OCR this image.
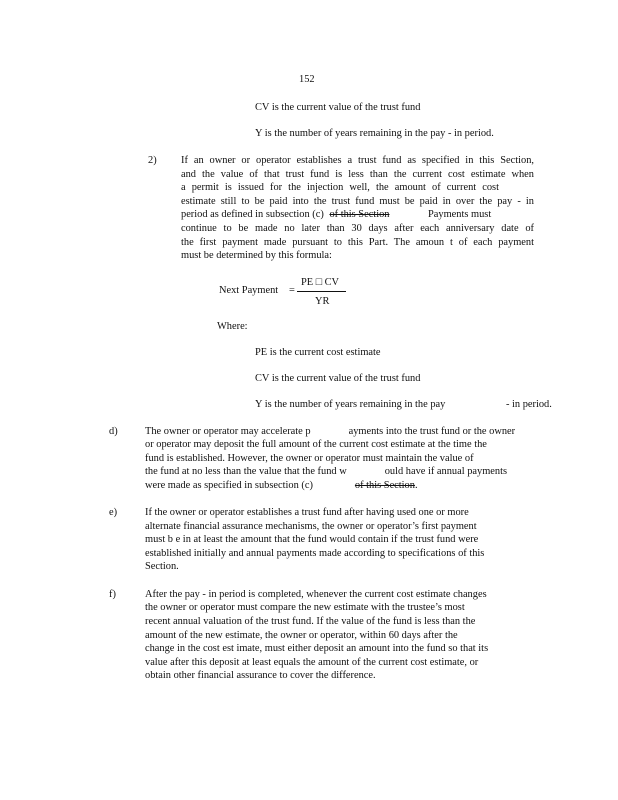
152

CV is the current value of the trust fund

Y is the number of years remaining in the pay - in period.

2) If an owner or operator establishes a trust fund as specified in this Section,

and the value of that trust fund is less than the current cost estimate when

a permit is issued for the injection well, the amount of current cost

estimate still to be paid into the trust fund must be paid in over the pay - in

period as defined in subsection (c) of this Section	Payments must

continue to be made no later than 30 days after each anniversary date of

the first payment made pursuant to this Part. The amoun t of each payment

must be determined by this formula:

Next Payment =

PE □ CV

YR

Where:

PE is the current cost estimate

CV is the current value of the trust fund

Y is the number of years remaining in the pay	- in period.

d)	The owner or operator may accelerate p	ayments into the trust fund or the owner

or operator may deposit the full amount of the current cost estimate at the time the

fund is established. However, the owner or operator must maintain the value of

the fund at no less than the value that the fund w	ould have if annual payments

were made as specified in subsection (c)	of this Section.

e)	If the owner or operator establishes a trust fund after having used one or more

alternate financial assurance mechanisms, the owner or operator’s first payment

must b e in at least the amount that the fund would contain if the trust fund were

established initially and annual payments made according to specifications of this

Section.

f)	After the pay - in period is completed, whenever the current cost estimate changes

the owner or operator must compare the new estimate with the trustee’s most

recent annual valuation of the trust fund. If the value of the fund is less than the

amount of the new estimate, the owner or operator, within 60 days after the

change in the cost est imate, must either deposit an amount into the fund so that its

value after this deposit at least equals the amount of the current cost estimate, or

obtain other financial assurance to cover the difference.
